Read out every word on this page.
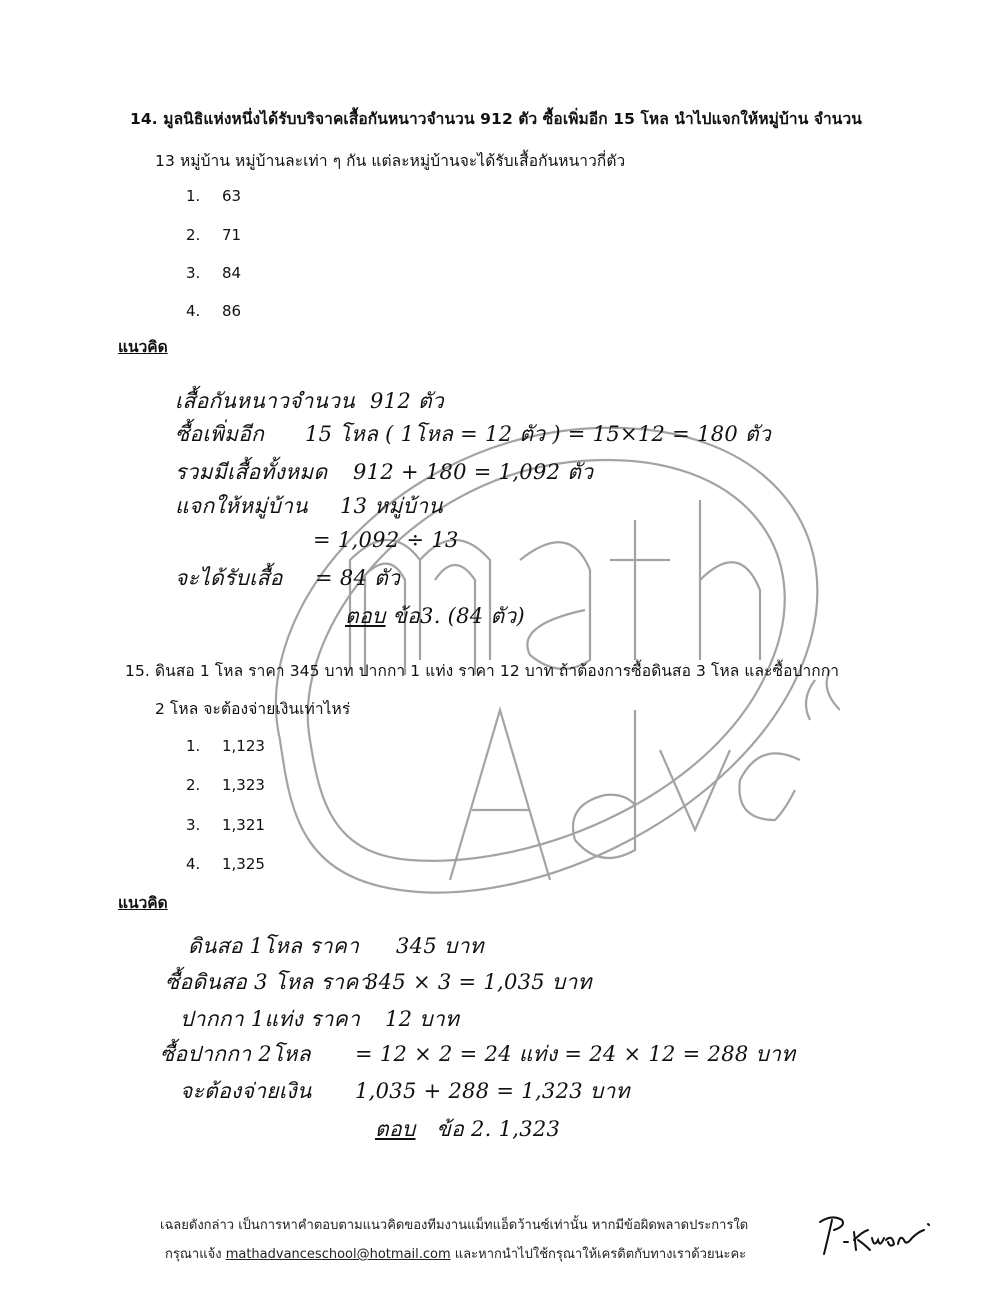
14. มูลนิธิแห่งหนึ่งได้รับบริจาคเสื้อกันหนาวจำนวน 912 ตัว ซื้อเพิ่มอีก 15 โหล นำไปแจกให้หมู่บ้าน จำนวน
13 หมู่บ้าน หมู่บ้านละเท่า ๆ กัน แต่ละหมู่บ้านจะได้รับเสื้อกันหนาวกี่ตัว
1. 63
2. 71
3. 84
4. 86
แนวคิด
เสื้อกันหนาวจำนวน 912 ตัว
ซื้อเพิ่มอีก 15 โหล ( 1โหล = 12 ตัว ) = 15×12 = 180 ตัว
รวมมีเสื้อทั้งหมด 912 + 180 = 1,092 ตัว
แจกให้หมู่บ้าน 13 หมู่บ้าน
= 1,092 ÷ 13
จะได้รับเสื้อ = 84 ตัว
ตอบ ข้อ3. (84 ตัว)
15. ดินสอ 1 โหล ราคา 345 บาท ปากกา 1 แท่ง ราคา 12 บาท ถ้าต้องการซื้อดินสอ 3 โหล และซื้อปากกา
2 โหล จะต้องจ่ายเงินเท่าไหร่
1. 1,123
2. 1,323
3. 1,321
4. 1,325
แนวคิด
ดินสอ 1โหล ราคา 345 บาท
ซื้อดินสอ 3 โหล ราคา
345 × 3 = 1,035 บาท
ปากกา 1แท่ง ราคา 12 บาท
ซื้อปากกา 2โหล = 12 × 2 = 24 แท่ง = 24 × 12 = 288 บาท
จะต้องจ่ายเงิน 1,035 + 288 = 1,323 บาท
ตอบ ข้อ 2. 1,323
เฉลยดังกล่าว เป็นการหาคำตอบตามแนวคิดของทีมงานแม็ทแอ็ดว้านซ์เท่านั้น หากมีข้อผิดพลาดประการใด
กรุณาแจ้ง mathadvanceschool@hotmail.com และหากนำไปใช้กรุณาให้เครดิตกับทางเราด้วยนะคะ
